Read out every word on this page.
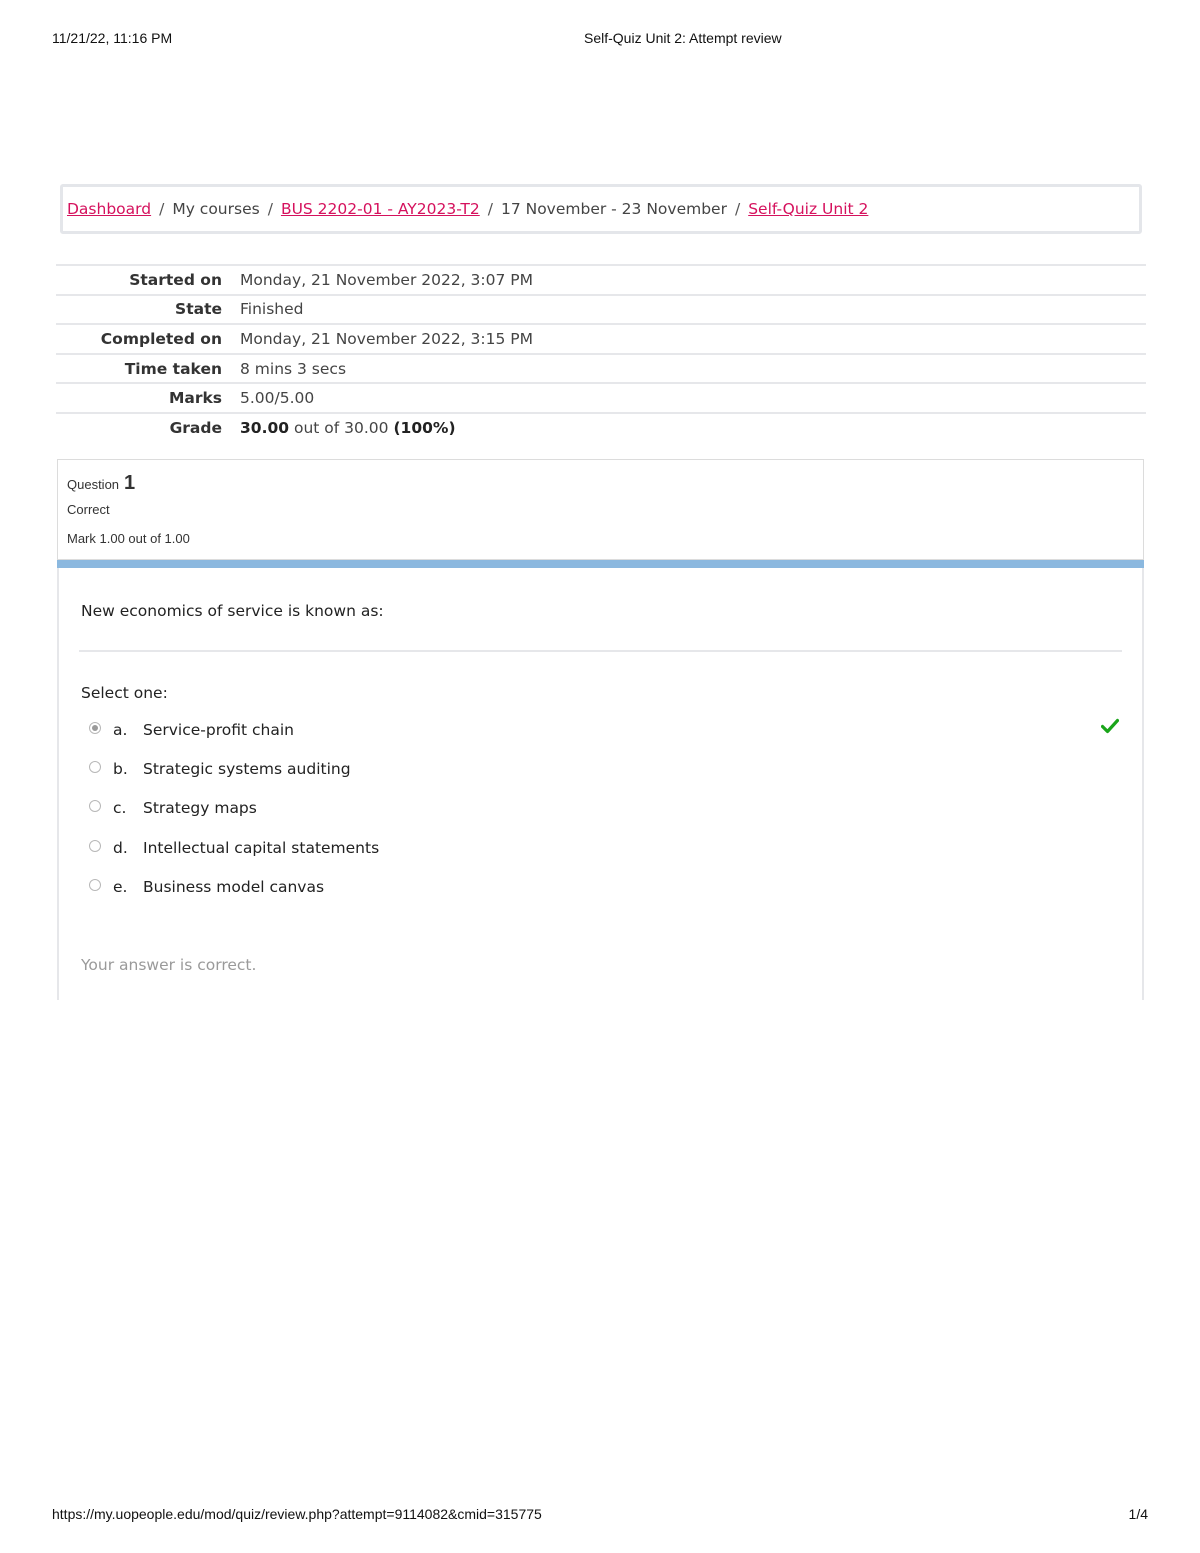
11/21/22, 11:16 PM	Self-Quiz Unit 2: Attempt review
Dashboard / My courses / BUS 2202-01 - AY2023-T2 / 17 November - 23 November / Self-Quiz Unit 2
Started on	Monday, 21 November 2022, 3:07 PM
State	Finished
Completed on	Monday, 21 November 2022, 3:15 PM
Time taken	8 mins 3 secs
Marks	5.00/5.00
Grade	30.00 out of 30.00 (100%)
Question 1
Correct
Mark 1.00 out of 1.00
New economics of service is known as:
Select one:
a.	Service-profit chain
b. Strategic systems auditing
c.	Strategy maps
d. Intellectual capital statements
e.	Business model canvas
Your answer is correct.
https://my.uopeople.edu/mod/quiz/review.php?attempt=9114082&cmid=315775	1/4
